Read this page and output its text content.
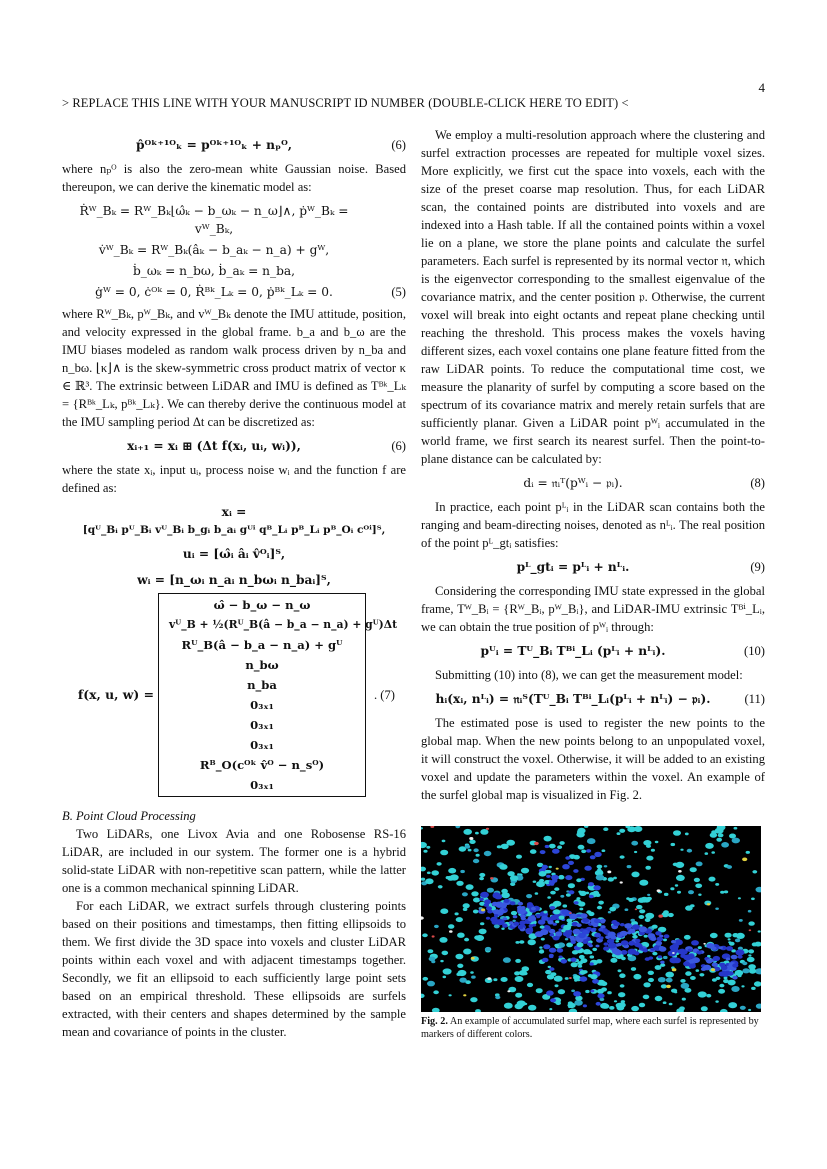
4
> REPLACE THIS LINE WITH YOUR MANUSCRIPT ID NUMBER (DOUBLE-CLICK HERE TO EDIT) <
p̂ᴼᵏ⁺¹ᴼₖ = pᴼᵏ⁺¹ᴼₖ + nₚᴼ,	(6)

where nₚᴼ is also the zero-mean white Gaussian noise. Based thereupon, we can derive the kinematic model as:

Ṙᵂ_Bₖ = Rᵂ_Bₖ⌊ω̂ₖ − b_ωₖ − n_ω⌋∧, ṗᵂ_Bₖ = vᵂ_Bₖ,
v̇ᵂ_Bₖ = Rᵂ_Bₖ(âₖ − b_aₖ − n_a) + gᵂ,
ḃ_ωₖ = n_bω, ḃ_aₖ = n_ba,
ġᵂ = 0, ċᴼᵏ = 0, Ṙᴮᵏ_Lₖ = 0, ṗᴮᵏ_Lₖ = 0.	(5)

where Rᵂ_Bₖ, pᵂ_Bₖ, and vᵂ_Bₖ denote the IMU attitude, position, and velocity expressed in the global frame. b_a and b_ω are the IMU biases modeled as random walk process driven by n_ba and n_bω. ⌊κ⌋∧ is the skew-symmetric cross product matrix of vector κ ∈ ℝ³. The extrinsic between LiDAR and IMU is defined as Tᴮᵏ_Lₖ = {Rᴮᵏ_Lₖ, pᴮᵏ_Lₖ}. We can thereby derive the continuous model at the IMU sampling period Δt can be discretized as:

xᵢ₊₁ = xᵢ ⊞ (Δt f(xᵢ, uᵢ, wᵢ)),	(6)

where the state xᵢ, input uᵢ, process noise wᵢ and the function f are defined as:

xᵢ =
[qᵂ_Bᵢ pᵂ_Bᵢ vᵂ_Bᵢ b_gᵢ b_aᵢ gᵂⁱ qᴮ_Lᵢ pᴮ_Lᵢ pᴮ_Oᵢ cᴼⁱ]ᵀ,
uᵢ = [ω̂ᵢ âᵢ v̂ᴼᵢ]ᵀ,
wᵢ = [n_ωᵢ n_aᵢ n_bωᵢ n_baᵢ]ᵀ,
f(x, u, w) =
ω̂ − b_ω − n_ω
vᵂ_B + ½(Rᵂ_B(â − b_a − n_a) + gᵂ)Δt
Rᵂ_B(â − b_a − n_a) + gᵂ
n_bω
n_ba
0₃ₓ₁
0₃ₓ₁
0₃ₓ₁
Rᴮ_O(cᴼᵏ v̂ᴼ − n_sᴼ)
0₃ₓ₁
. (7)
B. Point Cloud Processing

Two LiDARs, one Livox Avia and one Robosense RS-16 LiDAR, are included in our system. The former one is a hybrid solid-state LiDAR with non-repetitive scan pattern, while the latter one is a common mechanical spinning LiDAR.

For each LiDAR, we extract surfels through clustering points based on their positions and timestamps, then fitting ellipsoids to them. We first divide the 3D space into voxels and cluster LiDAR points within each voxel and with adjacent timestamps together. Secondly, we fit an ellipsoid to each sufficiently large point sets based on an empirical threshold. These ellipsoids are surfels extracted, with their centers and shapes determined by the sample mean and covariance of points in the cluster.

We employ a multi-resolution approach where the clustering and surfel extraction processes are repeated for multiple voxel sizes. More explicitly, we first cut the space into voxels, each with the size of the preset coarse map resolution. Thus, for each LiDAR scan, the contained points are distributed into voxels and are indexed into a Hash table. If all the contained points within a voxel lie on a plane, we store the plane points and calculate the surfel parameters. Each surfel is represented by its normal vector 𝔫, which is the eigenvector corresponding to the smallest eigenvalue of the covariance matrix, and the center position 𝔭. Otherwise, the current voxel will break into eight octants and repeat plane checking until reaching the threshold. This process makes the voxels having different sizes, each voxel contains one plane feature fitted from the raw LiDAR points. To reduce the computational time cost, we measure the planarity of surfel by computing a score based on the spectrum of its covariance matrix and merely retain surfels that are sufficiently planar. Given a LiDAR point pᵂᵢ accumulated in the world frame, we first search its nearest surfel. Then the point-to-plane distance can be calculated by:

dᵢ = 𝔫ᵢᵀ(pᵂᵢ − 𝔭ᵢ).	(8)

In practice, each point pᴸᵢ in the LiDAR scan contains both the ranging and beam-directing noises, denoted as nᴸᵢ. The real position of the point pᴸ_gtᵢ satisfies:

pᴸ_gtᵢ = pᴸᵢ + nᴸᵢ.	(9)

Considering the corresponding IMU state expressed in the global frame, Tᵂ_Bᵢ = {Rᵂ_Bᵢ, pᵂ_Bᵢ}, and LiDAR-IMU extrinsic Tᴮⁱ_Lᵢ, we can obtain the true position of pᵂᵢ through:

pᵂᵢ = Tᵂ_Bᵢ Tᴮⁱ_Lᵢ (pᴸᵢ + nᴸᵢ).	(10)

Submitting (10) into (8), we can get the measurement model:

hᵢ(xᵢ, nᴸᵢ) = 𝔫ᵢᵀ(Tᵂ_Bᵢ Tᴮⁱ_Lᵢ(pᴸᵢ + nᴸᵢ) − 𝔭ᵢ).	(11)

The estimated pose is used to register the new points to the global map. When the new points belong to an unpopulated voxel, it will construct the voxel. Otherwise, it will be added to an existing voxel and update the parameters within the voxel. An example of the surfel global map is visualized in Fig. 2.

Fig. 2. An example of accumulated surfel map, where each surfel is represented by markers of different colors.
